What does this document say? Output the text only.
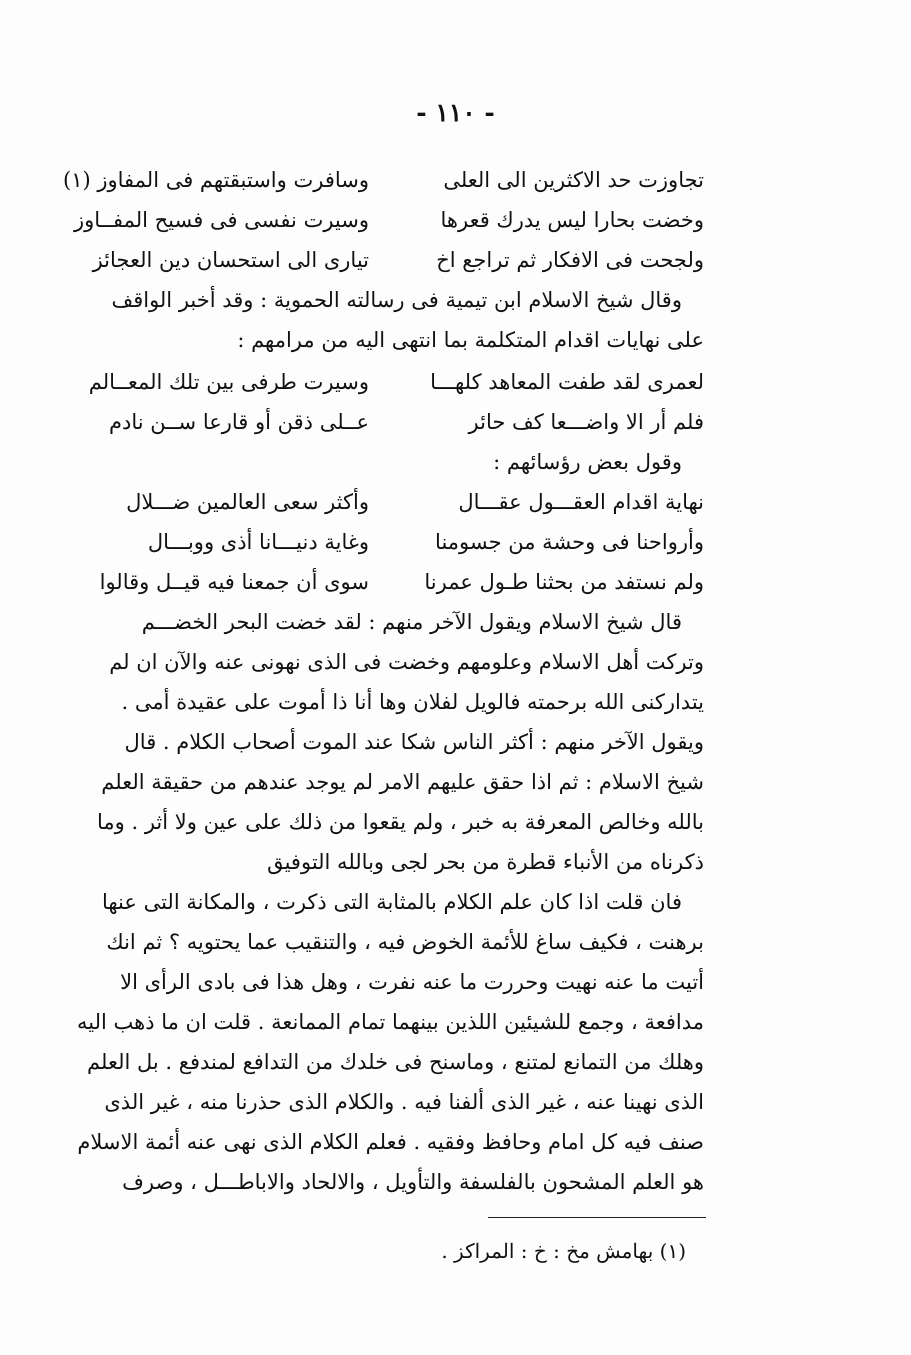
- ١١٠ -
تجاوزت حد الاكثرين الى العلى
وسافرت واستبقتهم فى المفاوز (١)
وخضت بحارا ليس يدرك قعرها
وسيرت نفسى فى فسيح المفــاوز
ولجحت فى الافكار ثم تراجع اخ
تيارى الى استحسان دين العجائز
وقال شيخ الاسلام ابن تيمية فى رسالته الحموية : وقد أخبر الواقف
على نهايات اقدام المتكلمة بما انتهى اليه من مرامهم :
لعمرى لقد طفت المعاهد كلهـــا
وسيرت طرفى بين تلك المعــالم
فلم أر الا واضـــعا كف حائر
عــلى ذقن أو قارعا ســن نادم
وقول بعض رؤسائهم :
نهاية اقدام العقـــول عقـــال
وأكثر سعى العالمين ضـــلال
وأرواحنا فى وحشة من جسومنا
وغاية دنيـــانا أذى ووبـــال
ولم نستفد من بحثنا طـول عمرنا
سوى أن جمعنا فيه قيــل وقالوا
قال شيخ الاسلام ويقول الآخر منهم : لقد خضت البحر الخضـــم
وتركت أهل الاسلام وعلومهم وخضت فى الذى نهونى عنه والآن ان لم
يتداركنى الله برحمته فالويل لفلان وها أنا ذا أموت على عقيدة أمى .
ويقول الآخر منهم : أكثر الناس شكا عند الموت أصحاب الكلام . قال
شيخ الاسلام : ثم اذا حقق عليهم الامر لم يوجد عندهم من حقيقة العلم
بالله وخالص المعرفة به خبر ، ولم يقعوا من ذلك على عين ولا أثر . وما
ذكرناه من الأنباء قطرة من بحر لجى وبالله التوفيق
فان قلت اذا كان علم الكلام بالمثابة التى ذكرت ، والمكانة التى عنها
برهنت ، فكيف ساغ للأئمة الخوض فيه ، والتنقيب عما يحتويه ؟ ثم انك
أتيت ما عنه نهيت وحررت ما عنه نفرت ، وهل هذا فى بادى الرأى الا
مدافعة ، وجمع للشيئين اللذين بينهما تمام الممانعة . قلت ان ما ذهب اليه
وهلك من التمانع لمتنع ، وماسنح فى خلدك من التدافع لمندفع . بل العلم
الذى نهينا عنه ، غير الذى ألفنا فيه . والكلام الذى حذرنا منه ، غير الذى
صنف فيه كل امام وحافظ وفقيه . فعلم الكلام الذى نهى عنه أئمة الاسلام
هو العلم المشحون بالفلسفة والتأويل ، والالحاد والاباطـــل ، وصرف
(١) بهامش مخ : خ : المراكز .
